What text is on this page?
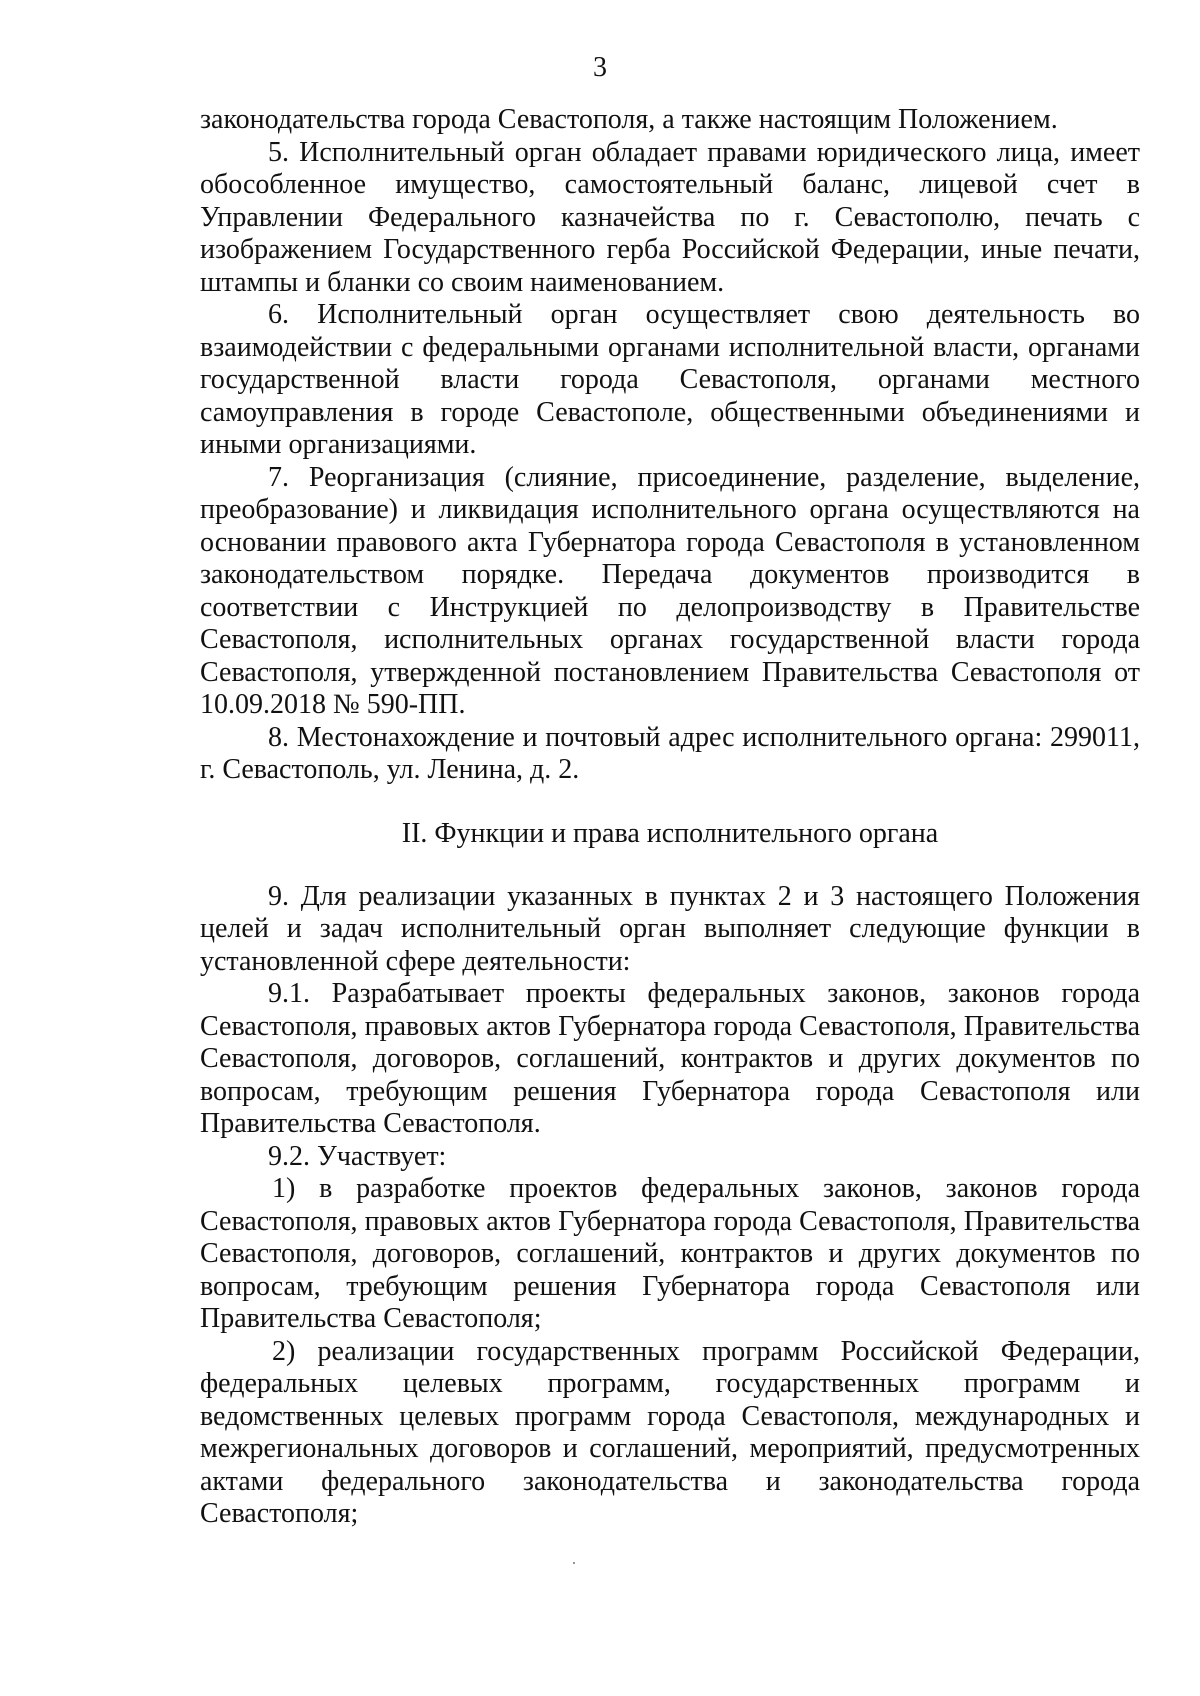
3

законодательства города Севастополя, а также настоящим Положением.

5. Исполнительный орган обладает правами юридического лица, имеет обособленное имущество, самостоятельный баланс, лицевой счет в Управлении Федерального казначейства по г. Севастополю, печать с изображением Государственного герба Российской Федерации, иные печати, штампы и бланки со своим наименованием.

6. Исполнительный орган осуществляет свою деятельность во взаимодействии с федеральными органами исполнительной власти, органами государственной власти города Севастополя, органами местного самоуправления в городе Севастополе, общественными объединениями и иными организациями.

7. Реорганизация (слияние, присоединение, разделение, выделение, преобразование) и ликвидация исполнительного органа осуществляются на основании правового акта Губернатора города Севастополя в установленном законодательством порядке. Передача документов производится в соответствии с Инструкцией по делопроизводству в Правительстве Севастополя, исполнительных органах государственной власти города Севастополя, утвержденной постановлением Правительства Севастополя от 10.09.2018 № 590-ПП.

8. Местонахождение и почтовый адрес исполнительного органа: 299011, г. Севастополь, ул. Ленина, д. 2.

II. Функции и права исполнительного органа

9. Для реализации указанных в пунктах 2 и 3 настоящего Положения целей и задач исполнительный орган выполняет следующие функции в установленной сфере деятельности:

9.1. Разрабатывает проекты федеральных законов, законов города Севастополя, правовых актов Губернатора города Севастополя, Правительства Севастополя, договоров, соглашений, контрактов и других документов по вопросам, требующим решения Губернатора города Севастополя или Правительства Севастополя.

9.2. Участвует:

1) в разработке проектов федеральных законов, законов города Севастополя, правовых актов Губернатора города Севастополя, Правительства Севастополя, договоров, соглашений, контрактов и других документов по вопросам, требующим решения Губернатора города Севастополя или Правительства Севастополя;

2) реализации государственных программ Российской Федерации, федеральных целевых программ, государственных программ и ведомственных целевых программ города Севастополя, международных и межрегиональных договоров и соглашений, мероприятий, предусмотренных актами федерального законодательства и законодательства города Севастополя;
